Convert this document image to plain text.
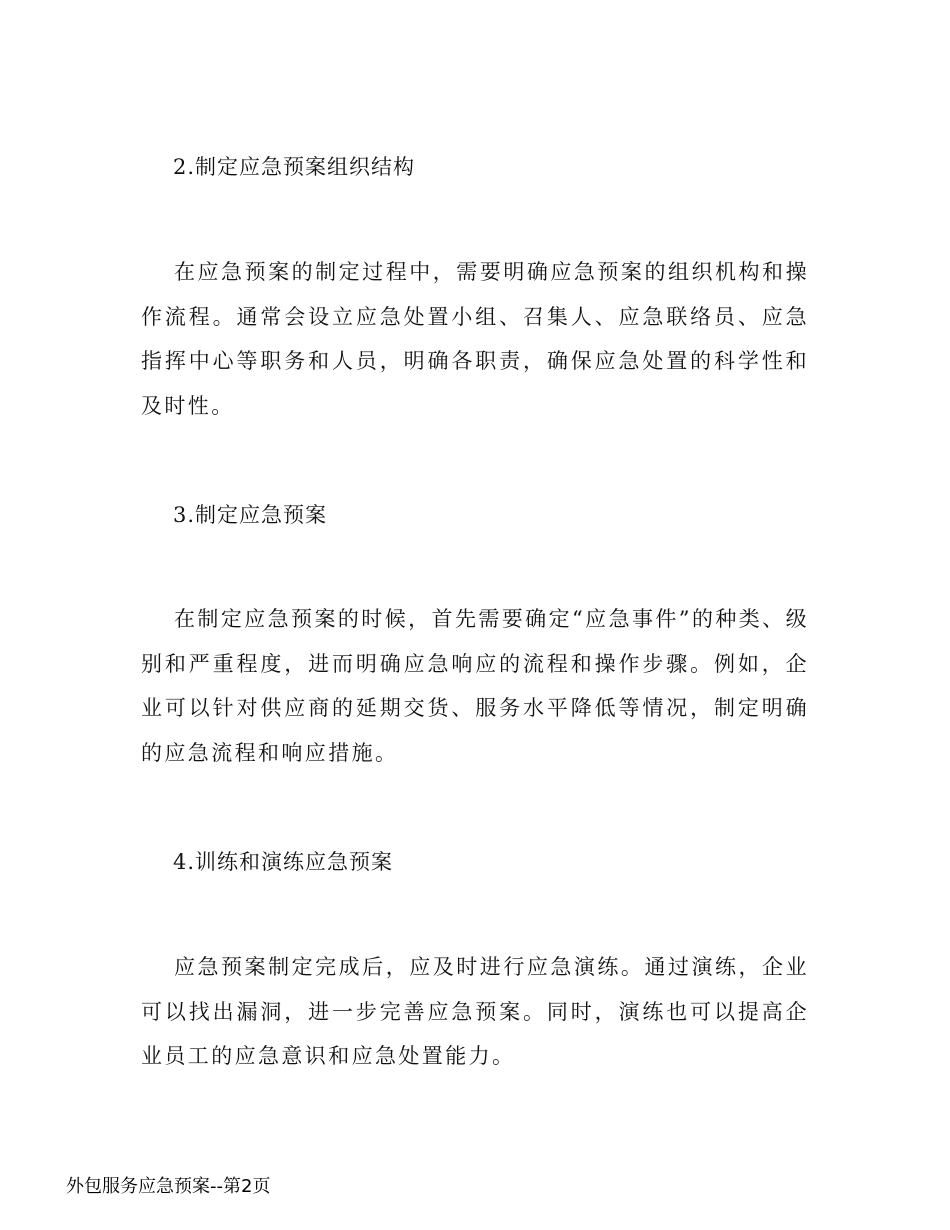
2.制定应急预案组织结构
在应急预案的制定过程中，需要明确应急预案的组织机构和操作流程。通常会设立应急处置小组、召集人、应急联络员、应急指挥中心等职务和人员，明确各职责，确保应急处置的科学性和及时性。
3.制定应急预案
在制定应急预案的时候，首先需要确定“应急事件”的种类、级别和严重程度，进而明确应急响应的流程和操作步骤。例如，企业可以针对供应商的延期交货、服务水平降低等情况，制定明确的应急流程和响应措施。
4.训练和演练应急预案
应急预案制定完成后，应及时进行应急演练。通过演练，企业可以找出漏洞，进一步完善应急预案。同时，演练也可以提高企业员工的应急意识和应急处置能力。
外包服务应急预案--第2页
